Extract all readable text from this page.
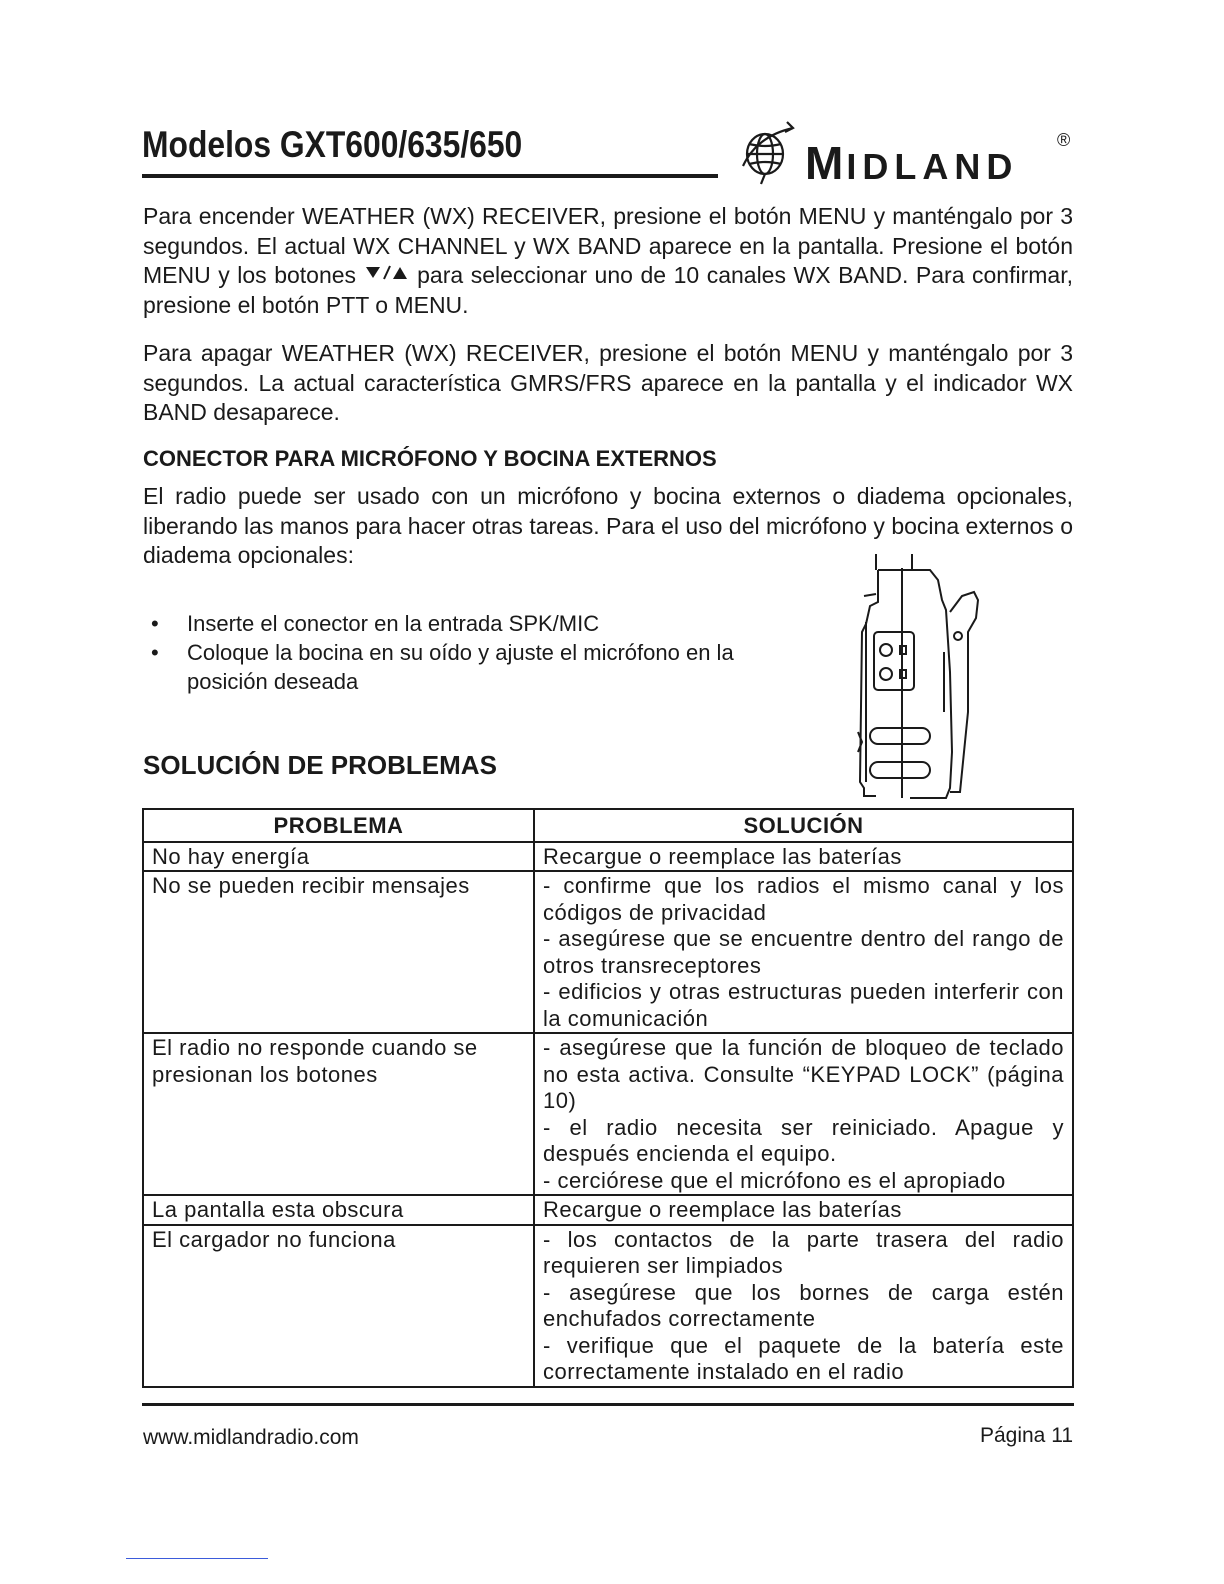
Modelos GXT600/635/650	MIDLAND
®
Para encender WEATHER (WX) RECEIVER, presione el botón MENU y manténgalo por 3 segundos. El actual WX CHANNEL y WX BAND aparece en la pantalla. Presione el botón MENU y los botones	para seleccionar uno de 10 canales WX BAND. Para confirmar, presione el botón PTT o MENU.
Para apagar WEATHER (WX) RECEIVER, presione el botón MENU y manténgalo por 3 segundos. La actual característica GMRS/FRS aparece en la pantalla y el indicador WX BAND desaparece.
CONECTOR PARA MICRÓFONO Y BOCINA EXTERNOS
El radio puede ser usado con un micrófono y bocina externos o diadema opcionales, liberando las manos para hacer otras tareas. Para el uso del micrófono y bocina externos o diadema opcionales:
• Inserte el conector en la entrada SPK/MIC
• Coloque la bocina en su oído y ajuste el micrófono en la posición deseada
SOLUCIÓN DE PROBLEMAS
PROBLEMA	SOLUCIÓN
No hay energía	Recargue o reemplace las baterías

No se pueden recibir mensajes	- confirme que los radios el mismo canal y los códigos de privacidad
- asegúrese que se encuentre dentro del rango de otros transreceptores
- edificios y otras estructuras pueden interferir con la comunicación

El radio no responde cuando se presionan los botones	- asegúrese que la función de bloqueo de teclado no esta activa. Consulte “KEYPAD LOCK” (página 10)
- el radio necesita ser reiniciado. Apague y después encienda el equipo.
- cerciórese que el micrófono es el apropiado

La pantalla esta obscura	Recargue o reemplace las baterías

El cargador no funciona	- los contactos de la parte trasera del radio requieren ser limpiados
- asegúrese que los bornes de carga estén enchufados correctamente
- verifique que el paquete de la batería este correctamente instalado en el radio
www.midlandradio.com	Página 11
